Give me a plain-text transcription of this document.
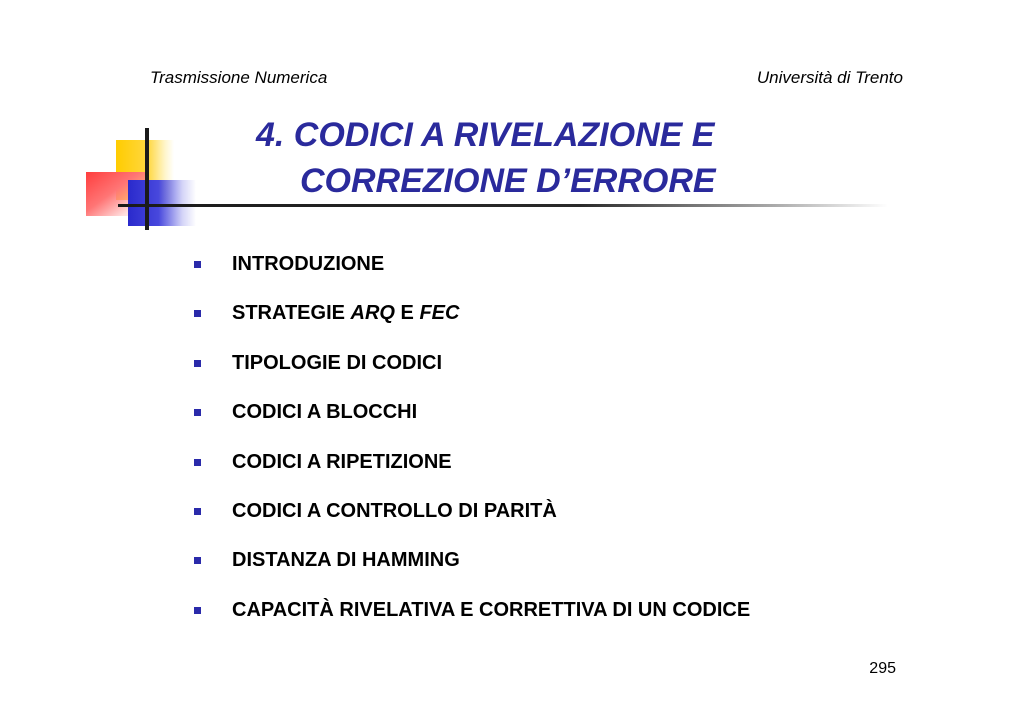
Trasmissione Numerica	Università di Trento
4. CODICI A RIVELAZIONE E
CORREZIONE D’ERRORE
INTRODUZIONE
STRATEGIE ARQ E FEC
TIPOLOGIE DI CODICI
CODICI A BLOCCHI
CODICI A RIPETIZIONE
CODICI A CONTROLLO DI PARITÀ
DISTANZA DI HAMMING
CAPACITÀ RIVELATIVA E CORRETTIVA DI UN CODICE
295
